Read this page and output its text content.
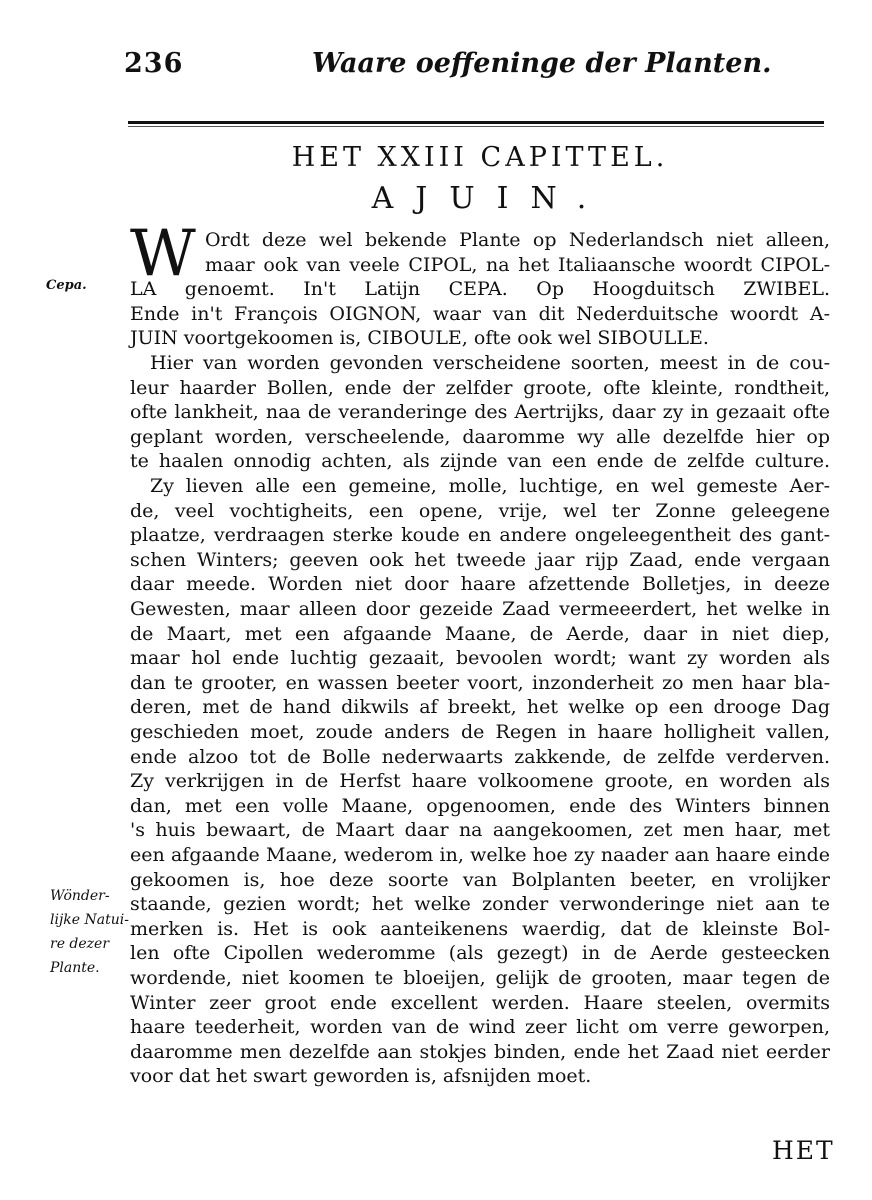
236	Waare oeffeninge der Planten.
HET XXIII CAPITTEL.
AJUIN.
Cepa.
Wönder-
lijke Natui-
re dezer
Plante.
W Ordt deze wel bekende Plante op Nederlandsch niet alleen,
maar ook van veele CIPOL, na het Italiaansche woordt CIPOL-
LA genoemt. In't Latijn CEPA. Op Hoogduitsch ZWIBEL.
Ende in't François OIGNON, waar van dit Nederduitsche woordt A-
JUIN voortgekoomen is, CIBOULE, ofte ook wel SIBOULLE.
Hier van worden gevonden verscheidene soorten, meest in de cou-
leur haarder Bollen, ende der zelfder groote, ofte kleinte, rondtheit,
ofte lankheit, naa de veranderinge des Aertrijks, daar zy in gezaait ofte
geplant worden, verscheelende, daaromme wy alle dezelfde hier op
te haalen onnodig achten, als zijnde van een ende de zelfde culture.
Zy lieven alle een gemeine, molle, luchtige, en wel gemeste Aer-
de, veel vochtigheits, een opene, vrije, wel ter Zonne geleegene
plaatze, verdraagen sterke koude en andere ongeleegentheit des gant-
schen Winters; geeven ook het tweede jaar rijp Zaad, ende vergaan
daar meede. Worden niet door haare afzettende Bolletjes, in deeze
Gewesten, maar alleen door gezeide Zaad vermeeerdert, het welke in
de Maart, met een afgaande Maane, de Aerde, daar in niet diep,
maar hol ende luchtig gezaait, bevoolen wordt; want zy worden als
dan te grooter, en wassen beeter voort, inzonderheit zo men haar bla-
deren, met de hand dikwils af breekt, het welke op een drooge Dag
geschieden moet, zoude anders de Regen in haare holligheit vallen,
ende alzoo tot de Bolle nederwaarts zakkende, de zelfde verderven.
Zy verkrijgen in de Herfst haare volkoomene groote, en worden als
dan, met een volle Maane, opgenoomen, ende des Winters binnen
's huis bewaart, de Maart daar na aangekoomen, zet men haar, met
een afgaande Maane, wederom in, welke hoe zy naader aan haare einde
gekoomen is, hoe deze soorte van Bolplanten beeter, en vrolijker
staande, gezien wordt; het welke zonder verwonderinge niet aan te
merken is. Het is ook aanteikenens waerdig, dat de kleinste Bol-
len ofte Cipollen wederomme (als gezegt) in de Aerde gesteecken
wordende, niet koomen te bloeijen, gelijk de grooten, maar tegen de
Winter zeer groot ende excellent werden. Haare steelen, overmits
haare teederheit, worden van de wind zeer licht om verre geworpen,
daaromme men dezelfde aan stokjes binden, ende het Zaad niet eerder
voor dat het swart geworden is, afsnijden moet.
HET
